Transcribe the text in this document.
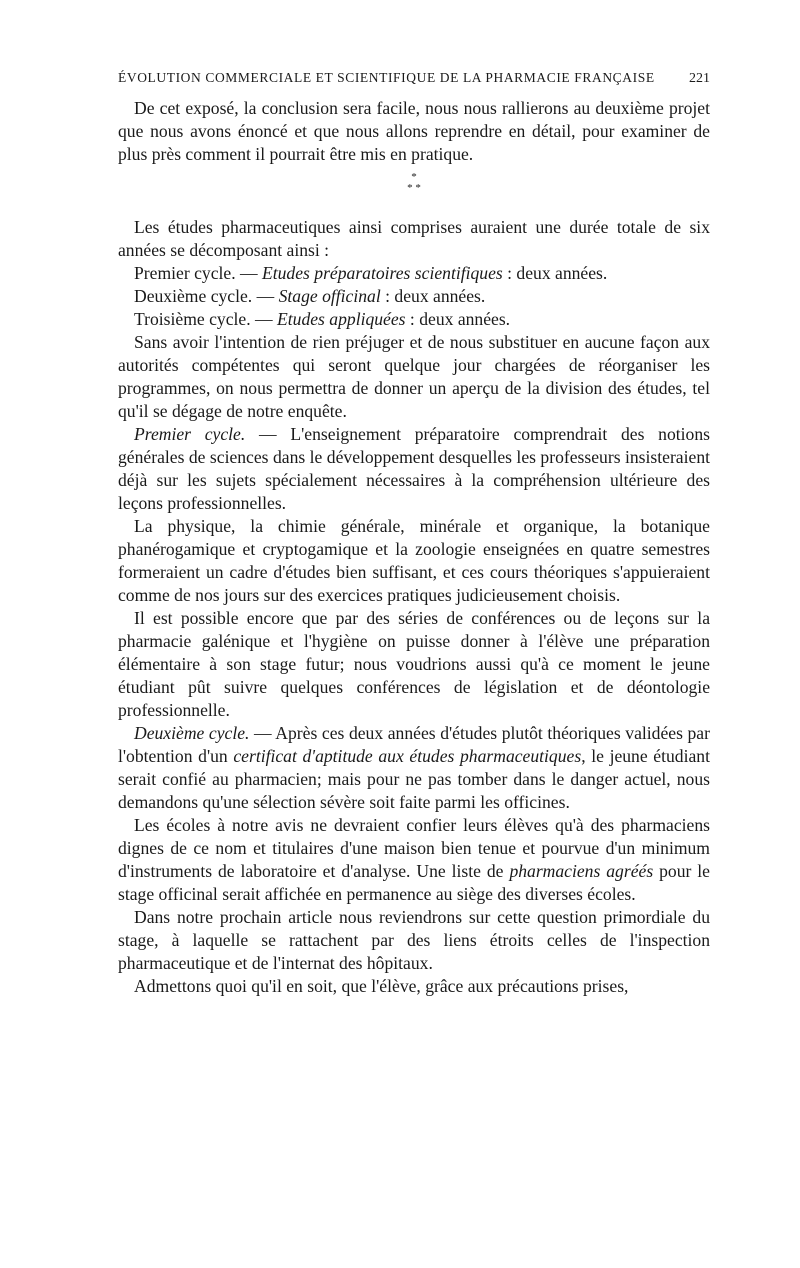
ÉVOLUTION COMMERCIALE ET SCIENTIFIQUE DE LA PHARMACIE FRANÇAISE 221

De cet exposé, la conclusion sera facile, nous nous rallierons au deuxième projet que nous avons énoncé et que nous allons reprendre en détail, pour examiner de plus près comment il pourrait être mis en pratique.

*
* *

Les études pharmaceutiques ainsi comprises auraient une durée totale de six années se décomposant ainsi :

Premier cycle. — Etudes préparatoires scientifiques : deux années.

Deuxième cycle. — Stage officinal : deux années.

Troisième cycle. — Etudes appliquées : deux années.

Sans avoir l'intention de rien préjuger et de nous substituer en aucune façon aux autorités compétentes qui seront quelque jour chargées de réorganiser les programmes, on nous permettra de donner un aperçu de la division des études, tel qu'il se dégage de notre enquête.

Premier cycle. — L'enseignement préparatoire comprendrait des notions générales de sciences dans le développement desquelles les professeurs insisteraient déjà sur les sujets spécialement nécessaires à la compréhension ultérieure des leçons professionnelles.

La physique, la chimie générale, minérale et organique, la botanique phanérogamique et cryptogamique et la zoologie enseignées en quatre semestres formeraient un cadre d'études bien suffisant, et ces cours théoriques s'appuieraient comme de nos jours sur des exercices pratiques judicieusement choisis.

Il est possible encore que par des séries de conférences ou de leçons sur la pharmacie galénique et l'hygiène on puisse donner à l'élève une préparation élémentaire à son stage futur; nous voudrions aussi qu'à ce moment le jeune étudiant pût suivre quelques conférences de législation et de déontologie professionnelle.

Deuxième cycle. — Après ces deux années d'études plutôt théoriques validées par l'obtention d'un certificat d'aptitude aux études pharmaceutiques, le jeune étudiant serait confié au pharmacien; mais pour ne pas tomber dans le danger actuel, nous demandons qu'une sélection sévère soit faite parmi les officines.

Les écoles à notre avis ne devraient confier leurs élèves qu'à des pharmaciens dignes de ce nom et titulaires d'une maison bien tenue et pourvue d'un minimum d'instruments de laboratoire et d'analyse. Une liste de pharmaciens agréés pour le stage officinal serait affichée en permanence au siège des diverses écoles.

Dans notre prochain article nous reviendrons sur cette question primordiale du stage, à laquelle se rattachent par des liens étroits celles de l'inspection pharmaceutique et de l'internat des hôpitaux.

Admettons quoi qu'il en soit, que l'élève, grâce aux précautions prises,
